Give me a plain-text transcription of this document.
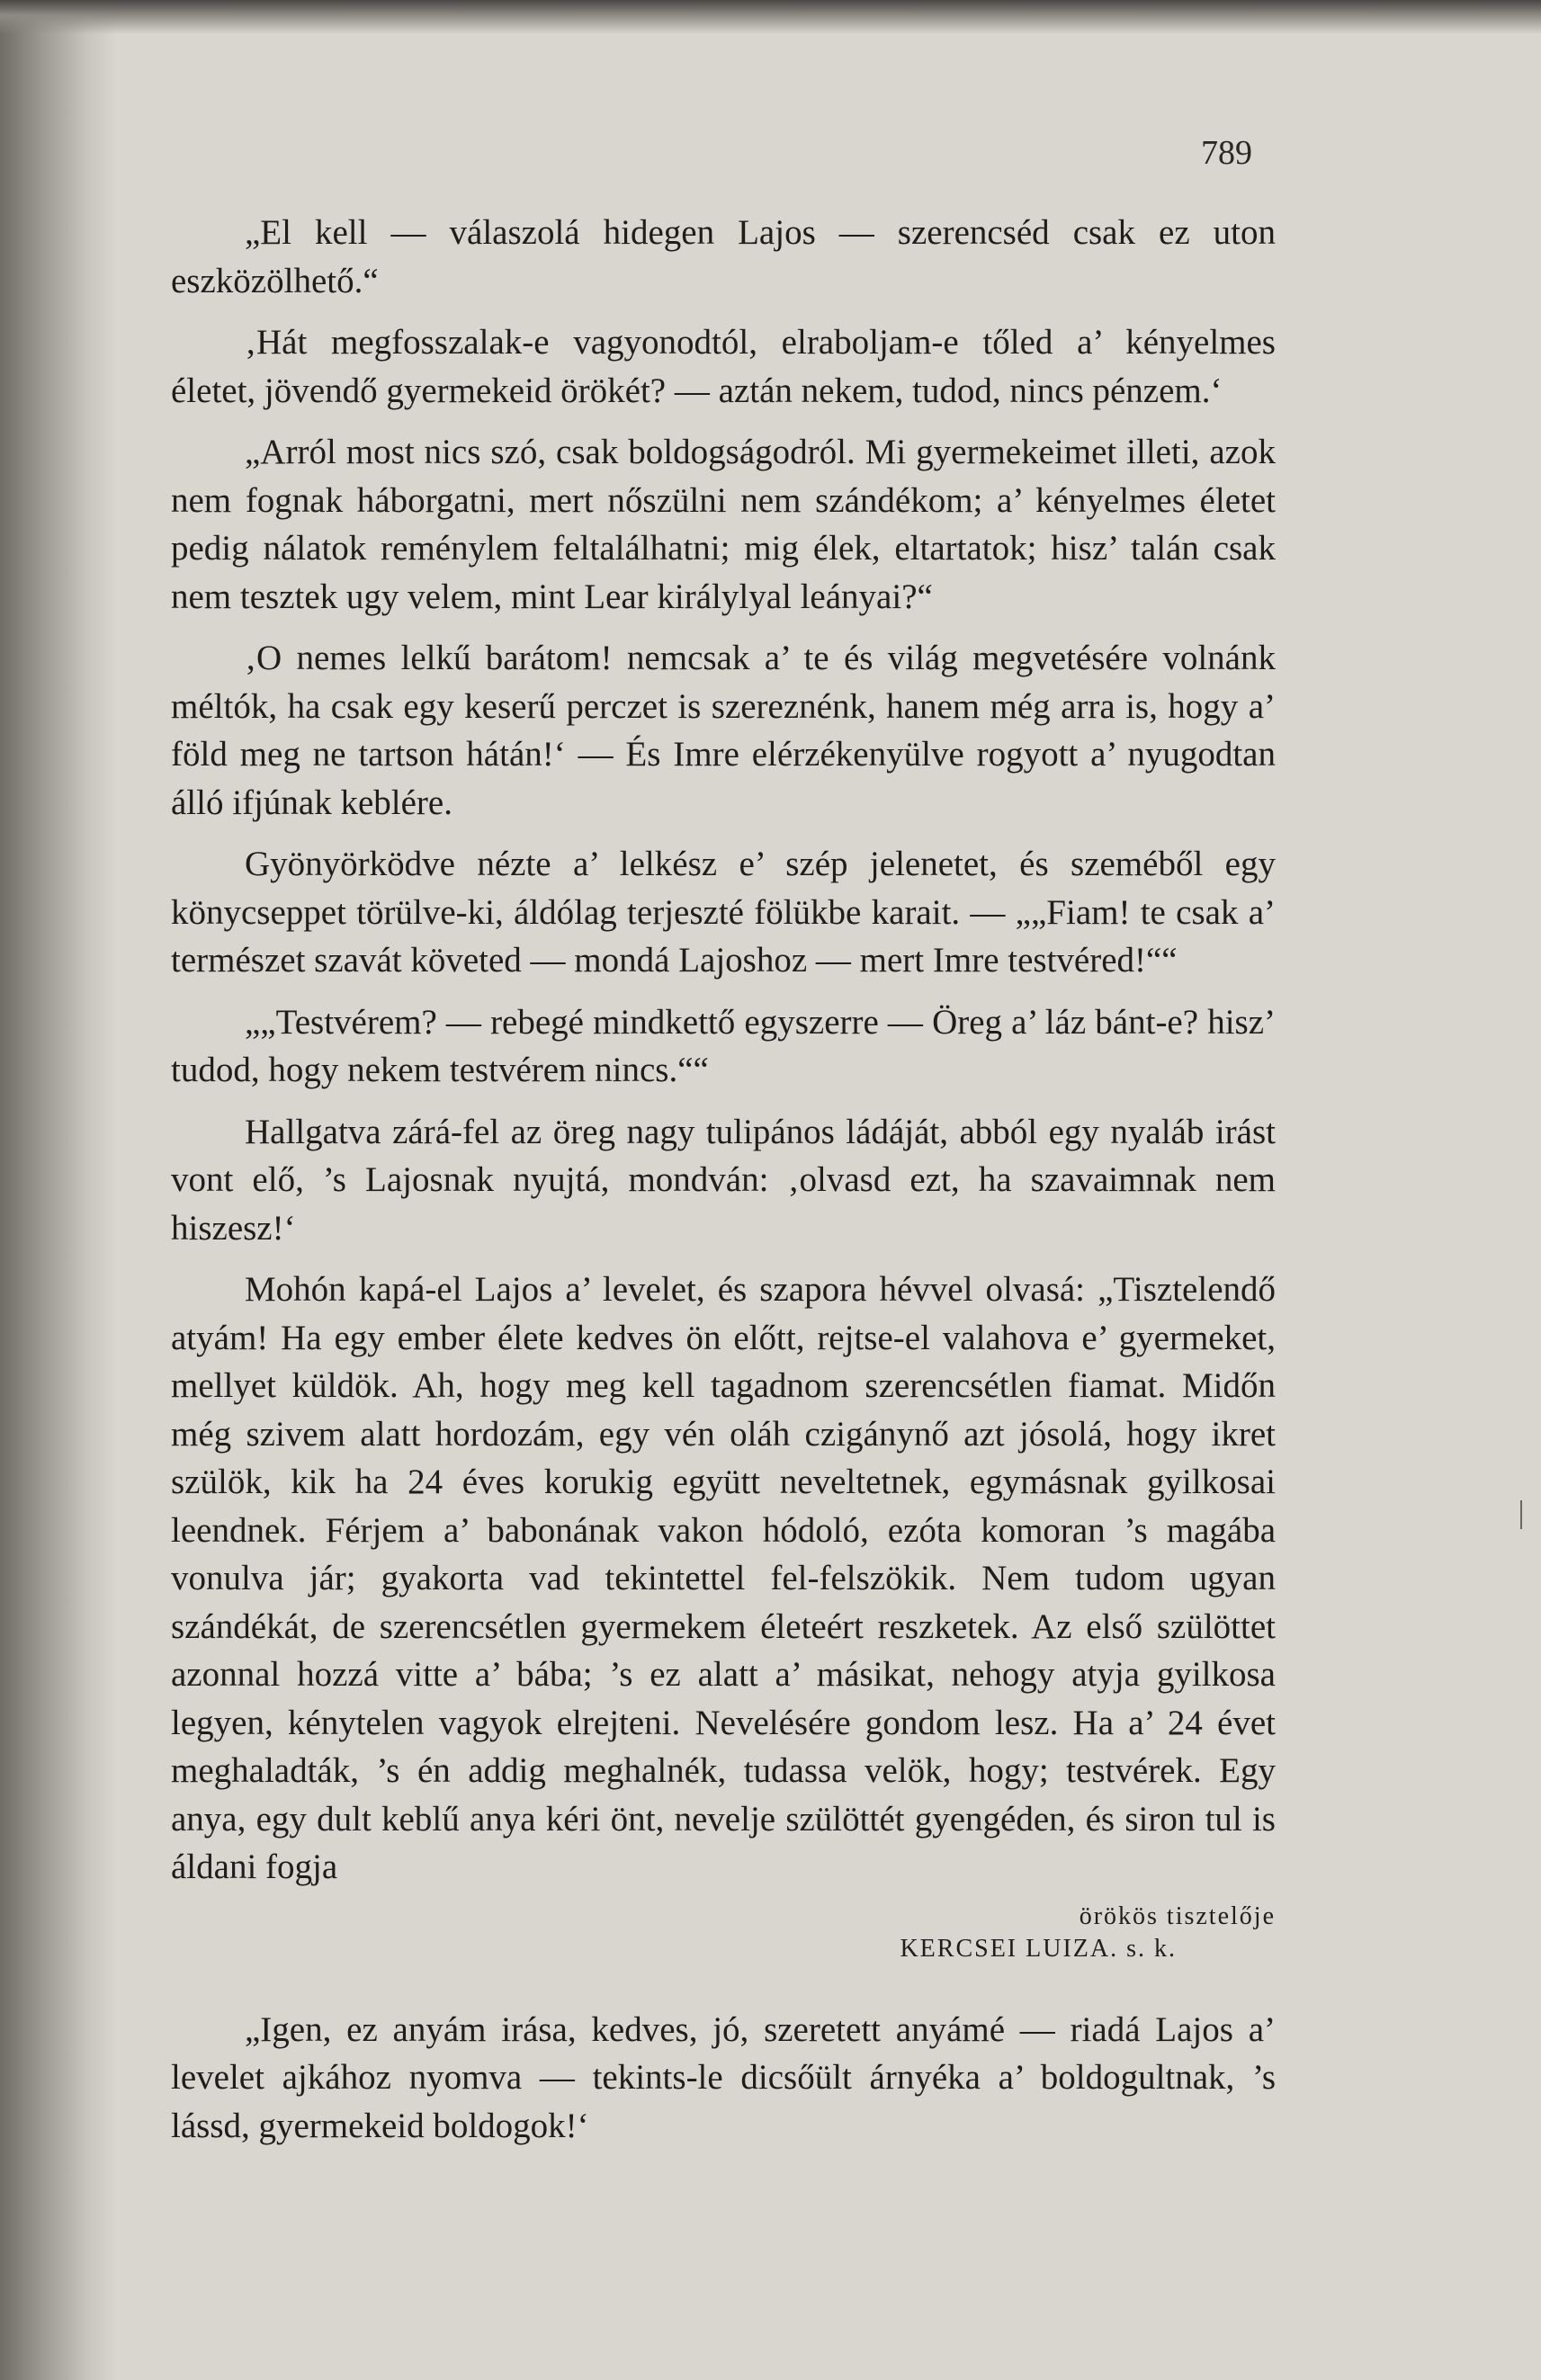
789

„El kell — válaszolá hidegen Lajos — szerencséd csak ez uton eszközölhető.“

‚Hát megfosszalak-e vagyonodtól, elraboljam-e tőled a’ kényelmes életet, jövendő gyermekeid örökét? — aztán nekem, tudod, nincs pénzem.‘

„Arról most nics szó, csak boldogságodról. Mi gyermekeimet illeti, azok nem fognak háborgatni, mert nőszülni nem szándékom; a’ kényelmes életet pedig nálatok reménylem feltalálhatni; mig élek, eltartatok; hisz’ talán csak nem tesztek ugy velem, mint Lear királylyal leányai?“

‚O nemes lelkű barátom! nemcsak a’ te és világ megvetésére volnánk méltók, ha csak egy keserű perczet is szereznénk, hanem még arra is, hogy a’ föld meg ne tartson hátán!‘ — És Imre elérzékenyülve rogyott a’ nyugodtan álló ifjúnak keblére.

Gyönyörködve nézte a’ lelkész e’ szép jelenetet, és szeméből egy könycseppet törülve-ki, áldólag terjeszté fölükbe karait. — „„Fiam! te csak a’ természet szavát követed — mondá Lajoshoz — mert Imre testvéred!““

„„Testvérem? — rebegé mindkettő egyszerre — Öreg a’ láz bánt-e? hisz’ tudod, hogy nekem testvérem nincs.““

Hallgatva zárá-fel az öreg nagy tulipános ládáját, abból egy nyaláb irást vont elő, ’s Lajosnak nyujtá, mondván: ‚olvasd ezt, ha szavaimnak nem hiszesz!‘

Mohón kapá-el Lajos a’ levelet, és szapora hévvel olvasá: „Tisztelendő atyám! Ha egy ember élete kedves ön előtt, rejtse-el valahova e’ gyermeket, mellyet küldök. Ah, hogy meg kell tagadnom szerencsétlen fiamat. Midőn még szivem alatt hordozám, egy vén oláh czigánynő azt jósolá, hogy ikret szülök, kik ha 24 éves korukig együtt neveltetnek, egymásnak gyilkosai leendnek. Férjem a’ babonának vakon hódoló, ezóta komoran ’s magába vonulva jár; gyakorta vad tekintettel fel-felszökik. Nem tudom ugyan szándékát, de szerencsétlen gyermekem életeért reszketek. Az első szülöttet azonnal hozzá vitte a’ bába; ’s ez alatt a’ másikat, nehogy atyja gyilkosa legyen, kénytelen vagyok elrejteni. Nevelésére gondom lesz. Ha a’ 24 évet meghaladták, ’s én addig meghalnék, tudassa velök, hogy; testvérek. Egy anya, egy dult keblű anya kéri önt, nevelje szülöttét gyengéden, és siron tul is áldani fogja

örökös tisztelője

KERCSEI LUIZA. s. k.

„Igen, ez anyám irása, kedves, jó, szeretett anyámé — riadá Lajos a’ levelet ajkához nyomva — tekints-le dicsőült árnyéka a’ boldogultnak, ’s lássd, gyermekeid boldogok!‘
